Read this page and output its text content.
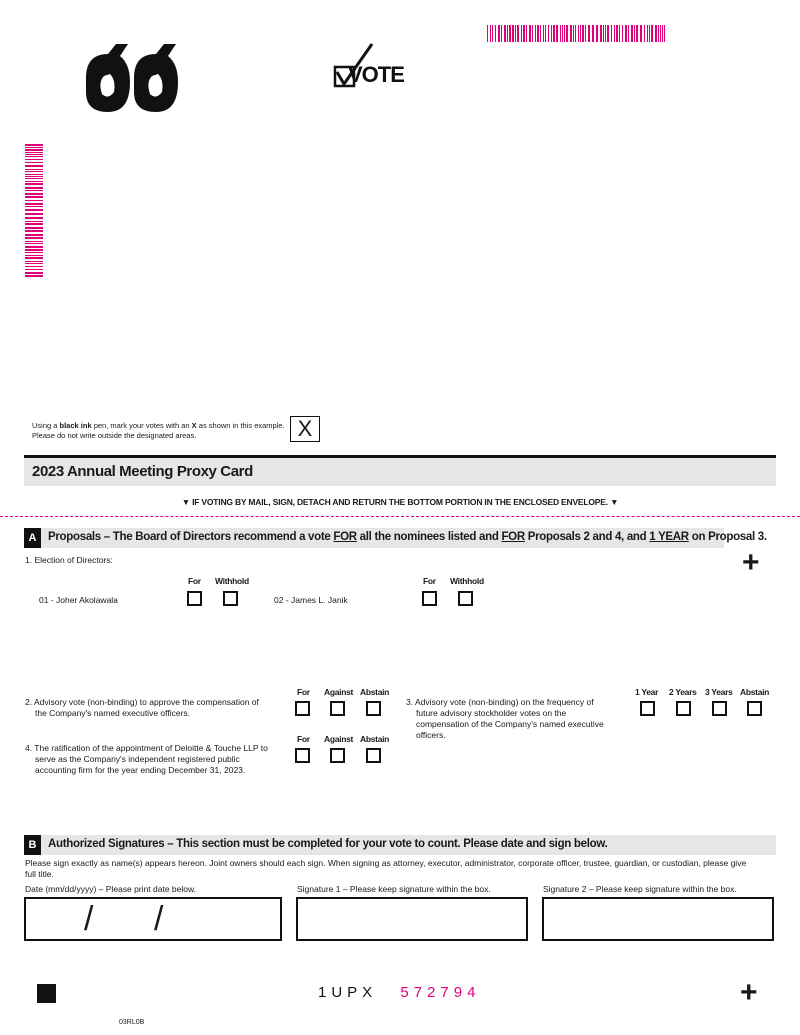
VOTE
Using a black ink pen, mark your votes with an X as shown in this example.
Please do not write outside the designated areas.	X
2023 Annual Meeting Proxy Card
▼ IF VOTING BY MAIL, SIGN, DETACH AND RETURN THE BOTTOM PORTION IN THE ENCLOSED ENVELOPE. ▼
A	Proposals – The Board of Directors recommend a vote FOR all the nominees listed and FOR Proposals 2 and 4, and 1 YEAR on Proposal 3.
+
1. Election of Directors:
For Withhold
01 - Joher Akolawala
For Withhold
02 - James L. Janik
For Against Abstain
2. Advisory vote (non-binding) to approve the compensation of
the Company's named executive officers.
For Against Abstain
4. The ratification of the appointment of Deloitte & Touche LLP to
serve as the Company's independent registered public
accounting firm for the year ending December 31, 2023.
3. Advisory vote (non-binding) on the frequency of
future advisory stockholder votes on the
compensation of the Company's named executive
officers.
1 Year 2 Years 3 Years Abstain
B	Authorized Signatures – This section must be completed for your vote to count. Please date and sign below.
Please sign exactly as name(s) appears hereon. Joint owners should each sign. When signing as attorney, executor, administrator, corporate officer, trustee, guardian, or custodian, please give
full title.
Date (mm/dd/yyyy) – Please print date below.	Signature 1 – Please keep signature within the box.	Signature 2 – Please keep signature within the box.
/ /
1UPX 572794	+
03RL0B
